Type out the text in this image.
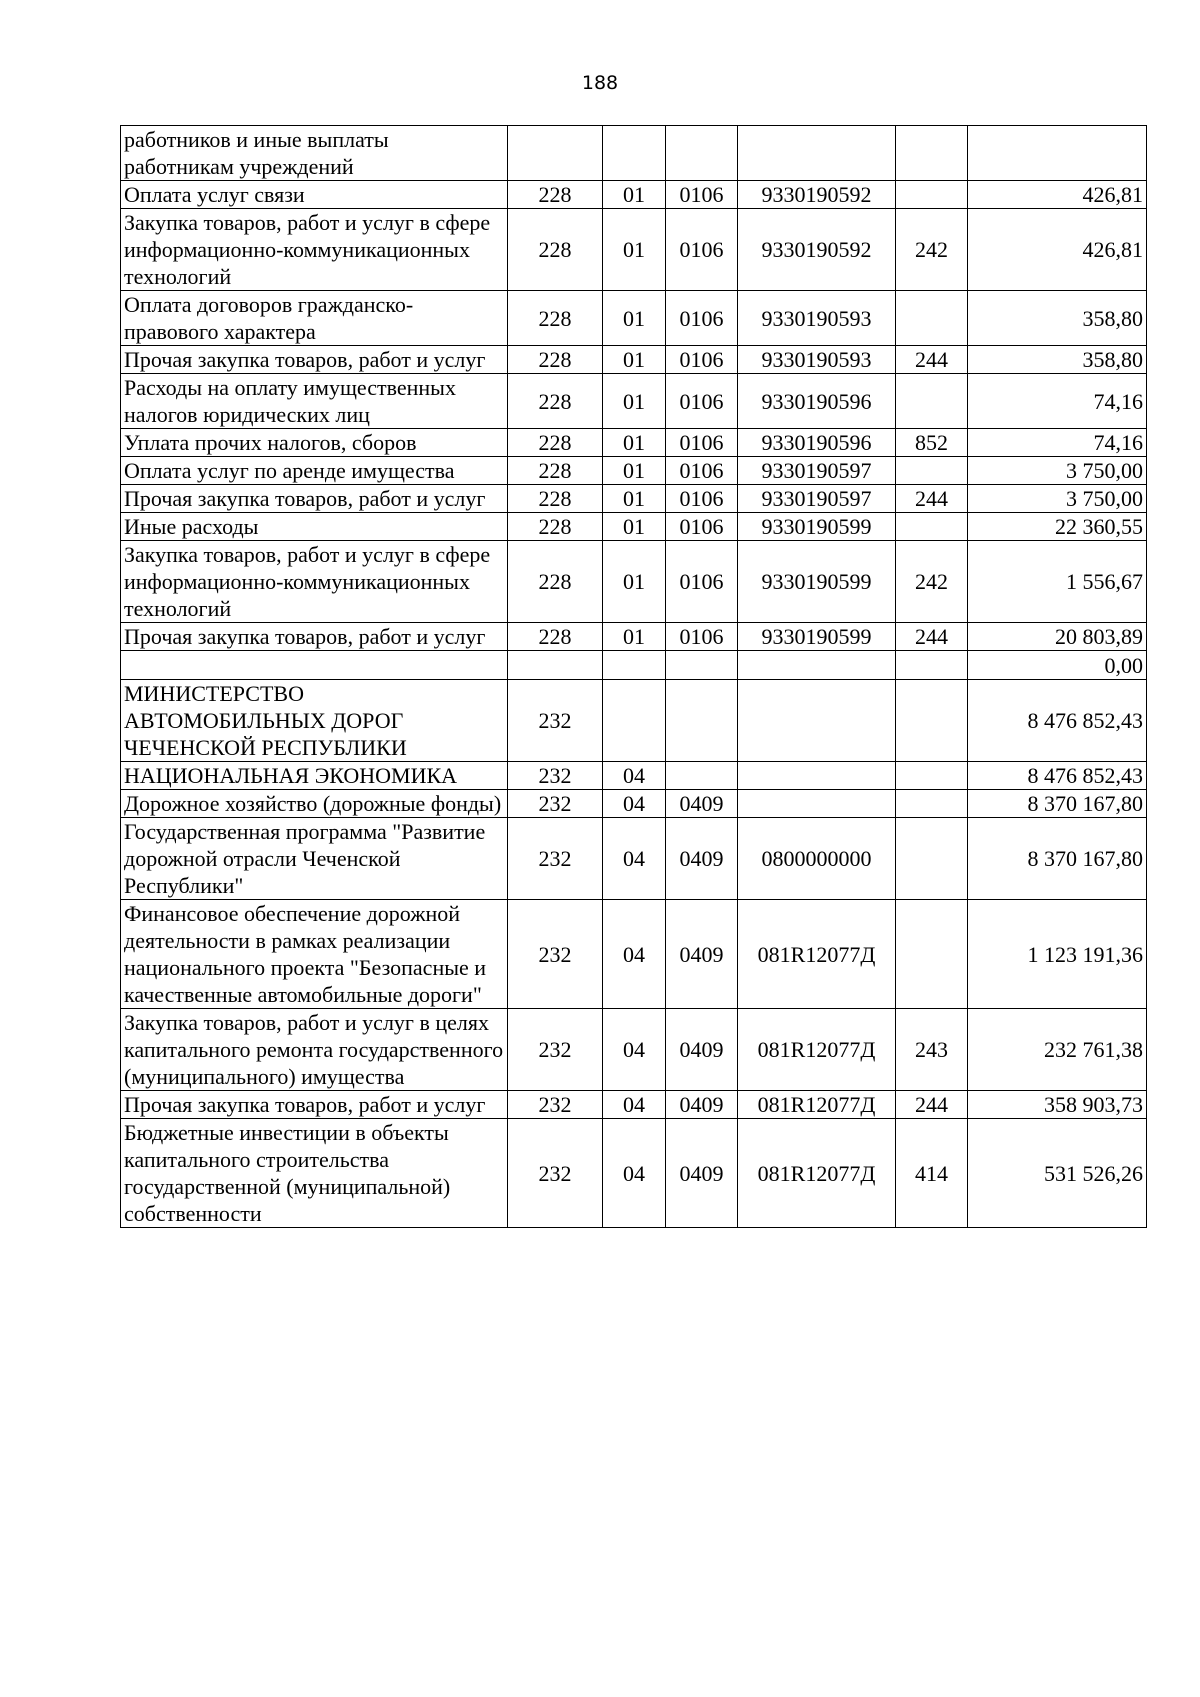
188
работников и иные выплаты работникам учреждений						
Оплата услуг связи	228	01	0106	9330190592		426,81
Закупка товаров, работ и услуг в сфере информационно-коммуникационных технологий	228	01	0106	9330190592	242	426,81
Оплата договоров гражданско-правового характера	228	01	0106	9330190593		358,80
Прочая закупка товаров, работ и услуг	228	01	0106	9330190593	244	358,80
Расходы на оплату имущественных налогов юридических лиц	228	01	0106	9330190596		74,16
Уплата прочих налогов, сборов	228	01	0106	9330190596	852	74,16
Оплата услуг по аренде имущества	228	01	0106	9330190597		3 750,00
Прочая закупка товаров, работ и услуг	228	01	0106	9330190597	244	3 750,00
Иные расходы	228	01	0106	9330190599		22 360,55
Закупка товаров, работ и услуг в сфере информационно-коммуникационных технологий	228	01	0106	9330190599	242	1 556,67
Прочая закупка товаров, работ и услуг	228	01	0106	9330190599	244	20 803,89
						0,00
МИНИСТЕРСТВО АВТОМОБИЛЬНЫХ ДОРОГ ЧЕЧЕНСКОЙ РЕСПУБЛИКИ	232					8 476 852,43
НАЦИОНАЛЬНАЯ ЭКОНОМИКА	232	04				8 476 852,43
Дорожное хозяйство (дорожные фонды)	232	04	0409			8 370 167,80
Государственная программа "Развитие дорожной отрасли Чеченской Республики"	232	04	0409	0800000000		8 370 167,80
Финансовое обеспечение дорожной деятельности в рамках реализации национального проекта "Безопасные и качественные автомобильные дороги"	232	04	0409	081R12077Д		1 123 191,36
Закупка товаров, работ и услуг в целях капитального ремонта государственного (муниципального) имущества	232	04	0409	081R12077Д	243	232 761,38
Прочая закупка товаров, работ и услуг	232	04	0409	081R12077Д	244	358 903,73
Бюджетные инвестиции в объекты капитального строительства государственной (муниципальной) собственности	232	04	0409	081R12077Д	414	531 526,26
